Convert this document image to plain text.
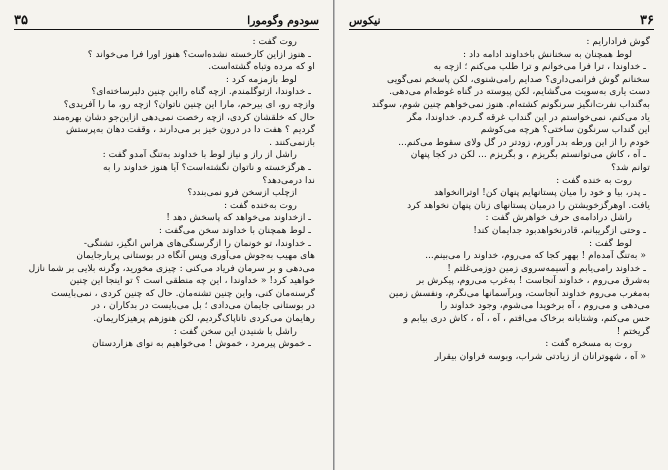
سودوم وگومورا
۳۵

روت گفت :

ـ هنوز ازاین کارخسته نشده‌است؟ هنوز اورا فرا می‌خواند ؟

او که مرده وتباه گشته‌است.

لوط بازمزمه کرد :

ـ خداوندا، ازتوگلمندم. ازچه گناه رااین چنین دلبرساخته‌ای؟

وازچه رو، ای بیرحم، مارا این چنین ناتوان؟ ازچه رو، ما را آفریدی؟

حال که خلقشان کردی، ازچه رخصت نمی‌دهی ازاین‌جو دشان بهره‌مند

گردیم ؟ هفت دا در درون خیز بر می‌دارند ، وقفت دهان به‌پرستش

بازنمی‌کنند .

راشل از راز و نیاز لوط با خداوند به‌تنگ آمدو گفت :

ـ هرگزخسته و ناتوان نگشته‌است؟ آیا هنوز خداوند را به

ندا درمی‌دهد؟

ازچلب ازسخن فرو نمی‌بندد؟

روت به‌خنده گفت :

ـ ازخداوند می‌خواهد که پاسخش دهد !

ـ لوط همچنان با خداوند سخن می‌گفت :

ـ خداوندا، تو خونمان را ازگرسنگی‌های هراس انگیز، تشنگی-

های مهیب به‌جوش می‌آوری وپس آنگاه در بوستانی پربارجایمان

می‌دهی و بر سرمان فریاد می‌کنی : چیزی مخورید، وگرنه بلایی بر شما نازل

خواهید کرد! « خداوندا ، این چه منطقی است ؟ تو اینجا این چنین

گرسنه‌مان کنی، واین چنین تشنه‌مان. حال که چنین کردی ، نمی‌بایست

در بوستانی جایمان می‌دادی ؛ بل می‌بایست در بدکاران ، در

رهایمان می‌کردی تاناپاک‌گردیم، لکن هنوزهم پرهیزکاریمان.

راشل با شنیدن این سخن گفت :

ـ خموش پیرمرد ، خموش ! می‌خواهیم به نوای هزاردستان

۳۶
نیکوس

گوش فرادارایم :

لوط همچنان به سخنانش باخداوند ادامه داد :

ـ خداوندا ، ترا فرا می‌خوانم و ترا طلب می‌کنم ؛ ازچه به

سخنانم گوش فرانمی‌داری؟ صدایم رامی‌شنوی، لکن پاسخم نمی‌گویی

دست یاری به‌سویت می‌گشایم، لکن پیوسته در گناه غوطه‌ام می‌دهی.

به‌گنداب نفرت‌انگیز سرنگونم کشته‌ام. هنوز نمی‌خواهم چنین شوم، سوگند

یاد می‌کنم، نمی‌خواستم در این گنداب غرقه گـردم. خداوندا، مگر

این گنداب سرنگون ساختی؟ هرچه می‌کوشم

خودم را از این ورطه بدر آورم، زودتر در گل ولای سقوط می‌کنم...

ـ آه ، کاش می‌توانستم بگریزم ، و بگریزم ... لکن در کجا پنهان

توانم شد؟

روت به خنده گفت :

ـ پدر، بیا و خود را میان پستانهایم پنهان کن! اوتراانخواهد

یافت. اوهرگزخویشتن را درمیان پستانهای زنان پنهان نخواهد کرد

راشل درادامه‌ی حرف خواهرش گفت :

ـ وحتی ازگریبانم، قادرنخواهدبود جدایمان کند!

لوط گفت :

« به‌تنگ آمده‌ام ! بههر کجا که می‌روم، خداوند را می‌بینم...

ـ خداوند رامی‌یابم و آسیمه‌سروی زمین دوزمی‌غلتم !

به‌شرق می‌روم ، خداوند آنجاست ! به‌غرب می‌روم، پیکرش بر

به‌مغرب می‌روم خداوند آنجاست، وبرآسمانها می‌نگرم، ونفسش زمین

می‌دهی و می‌روم ، آه برخویدا می‌شوم، وجود خداوند را

حس می‌کنم، وشتابانه برخاک می‌افتم ، آه ، آه ، کاش دری بیابم و

گریختم !

روت به مسخره گفت :

« آه ، شهوترانان از زیادتی شراب، وبوسه فراوان بیقرار
